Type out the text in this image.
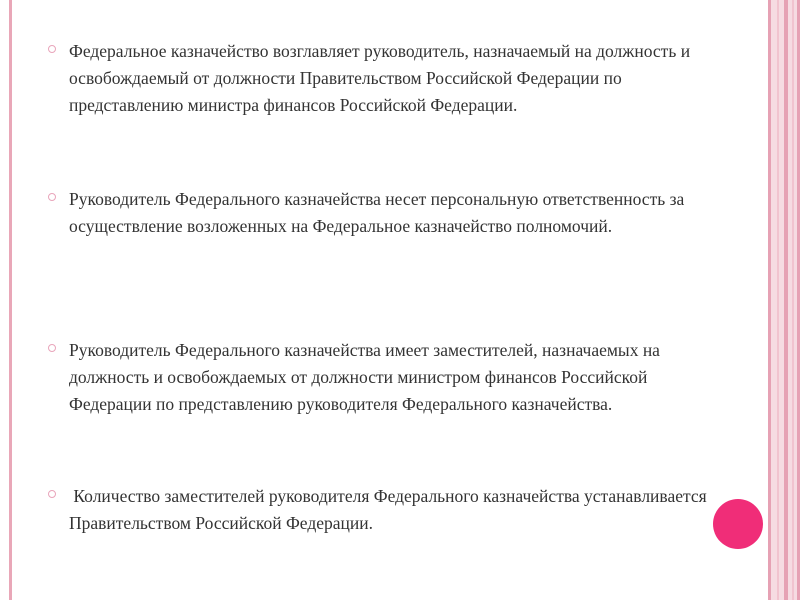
Федеральное казначейство возглавляет руководитель, назначаемый на должность и освобождаемый от должности Правительством Российской Федерации по представлению министра финансов Российской Федерации.

Руководитель Федерального казначейства несет персональную ответственность за осуществление возложенных на Федеральное казначейство полномочий.

Руководитель Федерального казначейства имеет заместителей, назначаемых на должность и освобождаемых от должности министром финансов Российской Федерации по представлению руководителя Федерального казначейства.

Количество заместителей руководителя Федерального казначейства устанавливается Правительством Российской Федерации.
